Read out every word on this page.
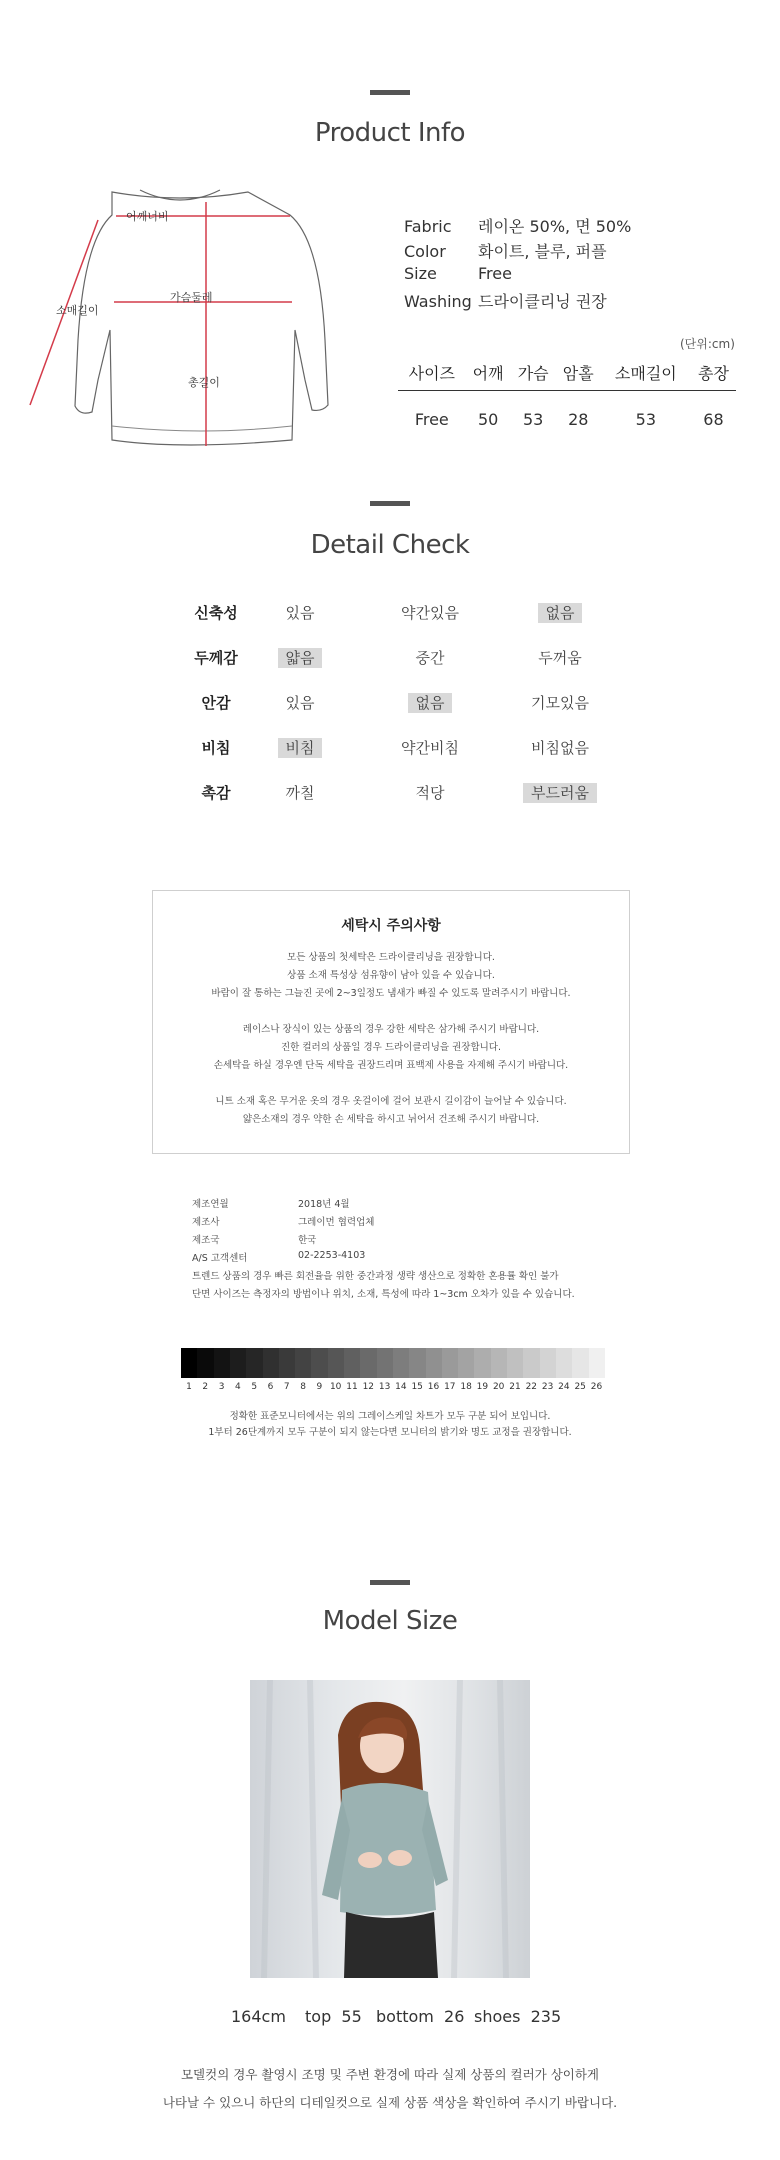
Product Info
어깨너비
가슴둘레
소매길이
총길이
Fabric 레이온 50%, 면 50%
Color 화이트, 블루, 퍼플
Size	Free
Washing 드라이클리닝 권장
(단위:cm)
사이즈	어깨	가슴	암홀	소매길이	총장
Free	50	53	28	53	68
Detail Check
신축성	있음	약간있음	없음
두께감	얇음	중간	두꺼움
안감	있음	없음	기모있음
비침	비침	약간비침	비침없음
촉감	까칠	적당	부드러움
세탁시 주의사항
모든 상품의 첫세탁은 드라이클리닝을 권장합니다.
상품 소재 특성상 섬유향이 남아 있을 수 있습니다.
바람이 잘 통하는 그늘진 곳에 2~3일정도 냄새가 빠질 수 있도록 말려주시기 바랍니다.
레이스나 장식이 있는 상품의 경우 강한 세탁은 삼가해 주시기 바랍니다.
진한 컬러의 상품일 경우 드라이클리닝을 권장합니다.
손세탁을 하실 경우엔 단독 세탁을 권장드리며 표백제 사용을 자제해 주시기 바랍니다.
니트 소재 혹은 무거운 옷의 경우 옷걸이에 걸어 보관시 길이감이 늘어날 수 있습니다.
얇은소재의 경우 약한 손 세탁을 하시고 뉘어서 건조해 주시기 바랍니다.
제조연월	2018년 4월
제조사	그레이먼 협력업체
제조국	한국
A/S 고객센터	02-2253-4103
트렌드 상품의 경우 빠른 회전율을 위한 중간과정 생략 생산으로 정확한 혼용률 확인 불가
단면 사이즈는 측정자의 방법이나 위치, 소재, 특성에 따라 1~3cm 오차가 있을 수 있습니다.
1	2	3	4	5	6	7	8	9 10 11 12 13 14 15 16 17 18 19 20 21 22 23 24 25 26
정확한 표준모니터에서는 위의 그레이스케일 차트가 모두 구분 되어 보입니다.
1부터 26단계까지 모두 구분이 되지 않는다면 모니터의 밝기와 명도 교정을 권장합니다.
Model Size
164cm top  55 bottom  26 shoes  235
모델컷의 경우 촬영시 조명 및 주변 환경에 따라 실제 상품의 컬러가 상이하게
나타날 수 있으니 하단의 디테일컷으로 실제 상품 색상을 확인하여 주시기 바랍니다.
